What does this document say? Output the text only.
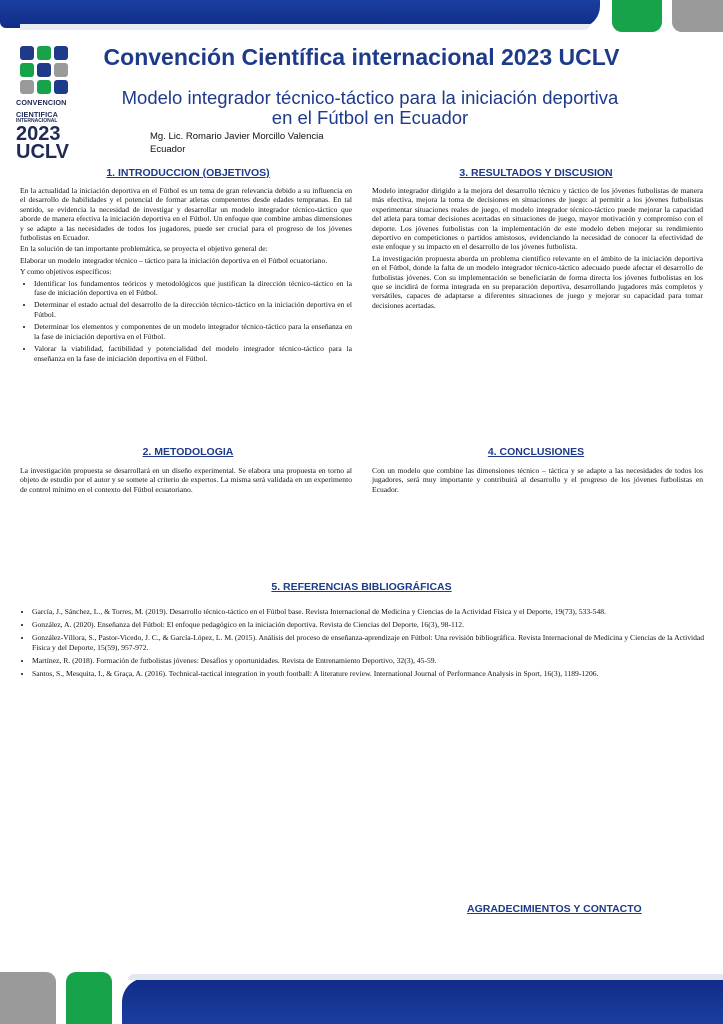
CONVENCION
CIENTIFICA
INTERNACIONAL
2023
UCLV
Convención Científica internacional 2023 UCLV
Modelo integrador técnico-táctico para la iniciación deportiva
en el Fútbol en Ecuador
Mg. Lic. Romario Javier Morcillo Valencia
Ecuador
1. INTRODUCCION (OBJETIVOS)

En la actualidad la iniciación deportiva en el Fútbol es un tema de gran relevancia debido a su influencia en el desarrollo de habilidades y el potencial de formar atletas competentes desde edades tempranas. En tal sentido, se evidencia la necesidad de investigar y desarrollar un modelo integrador técnico-táctico que aborde de manera efectiva la iniciación deportiva en el Fútbol. Un enfoque que combine ambas dimensiones y se adapte a las necesidades de todos los jugadores, puede ser crucial para el progreso de los jóvenes futbolistas en Ecuador.

En la solución de tan importante problemática, se proyecta el objetivo general de:

Elaborar un modelo integrador técnico – táctico para la iniciación deportiva en el Fútbol ecuatoriano.

Y como objetivos específicos:

• Identificar los fundamentos teóricos y metodológicos que justifican la dirección técnico-táctico en la fase de iniciación deportiva en el Fútbol.
• Determinar el estado actual del desarrollo de la dirección técnico-táctico en la iniciación deportiva en el Fútbol.
• Determinar los elementos y componentes de un modelo integrador técnico-táctico para la enseñanza en la fase de iniciación deportiva en el Fútbol.
• Valorar la viabilidad, factibilidad y potencialidad del modelo integrador técnico-táctico para la enseñanza en la fase de iniciación deportiva en el Fútbol.
3. RESULTADOS Y DISCUSION

Modelo integrador dirigido a la mejora del desarrollo técnico y táctico de los jóvenes futbolistas de manera más efectiva, mejora la toma de decisiones en situaciones de juego: al permitir a los jóvenes futbolistas experimentar situaciones reales de juego, el modelo integrador técnico-táctico puede mejorar la capacidad del atleta para tomar decisiones acertadas en situaciones de juego, mayor motivación y compromiso con el deporte. Los jóvenes futbolistas con la implementación de este modelo deben mejorar su rendimiento deportivo en competiciones o partidos amistosos, evidenciando la necesidad de conocer la efectividad de este enfoque y su impacto en el desarrollo de los jóvenes futbolista.

La investigación propuesta aborda un problema científico relevante en el ámbito de la iniciación deportiva en el Fútbol, donde la falta de un modelo integrador técnico-táctico adecuado puede afectar el desarrollo de futbolistas jóvenes. Con su implementación se beneficiarán de forma directa los jóvenes futbolistas en los que se incidirá de forma integrada en su preparación deportiva, desarrollando jugadores más completos y versátiles, capaces de adaptarse a diferentes situaciones de juego y mejorar su capacidad para tomar decisiones acertadas.

2. METODOLOGIA

La investigación propuesta se desarrollará en un diseño experimental. Se elabora una propuesta en torno al objeto de estudio por el autor y se somete al criterio de expertos. La misma será validada en un experimento de control mínimo en el contexto del Fútbol ecuatoriano.

4. CONCLUSIONES

Con un modelo que combine las dimensiones técnico – táctica y se adapte a las necesidades de todos los jugadores, será muy importante y contribuirá al desarrollo y el progreso de los jóvenes futbolistas en Ecuador.

5. REFERENCIAS BIBLIOGRÁFICAS
• García, J., Sánchez, L., & Torres, M. (2019). Desarrollo técnico-táctico en el Fútbol base. Revista Internacional de Medicina y Ciencias de la Actividad Física y el Deporte, 19(73), 533-548.
• González, A. (2020). Enseñanza del Fútbol: El enfoque pedagógico en la iniciación deportiva. Revista de Ciencias del Deporte, 16(3), 98-112.
• González-Víllora, S., Pastor-Vicedo, J. C., & García-López, L. M. (2015). Análisis del proceso de enseñanza-aprendizaje en Fútbol: Una revisión bibliográfica. Revista Internacional de Medicina y Ciencias de la Actividad Física y del Deporte, 15(59), 957-972.
• Martínez, R. (2018). Formación de futbolistas jóvenes: Desafíos y oportunidades. Revista de Entrenamiento Deportivo, 32(3), 45-59.
• Santos, S., Mesquita, I., & Graça, A. (2016). Technical-tactical integration in youth football: A literature review. International Journal of Performance Analysis in Sport, 16(3), 1189-1206.
AGRADECIMIENTOS Y CONTACTO
